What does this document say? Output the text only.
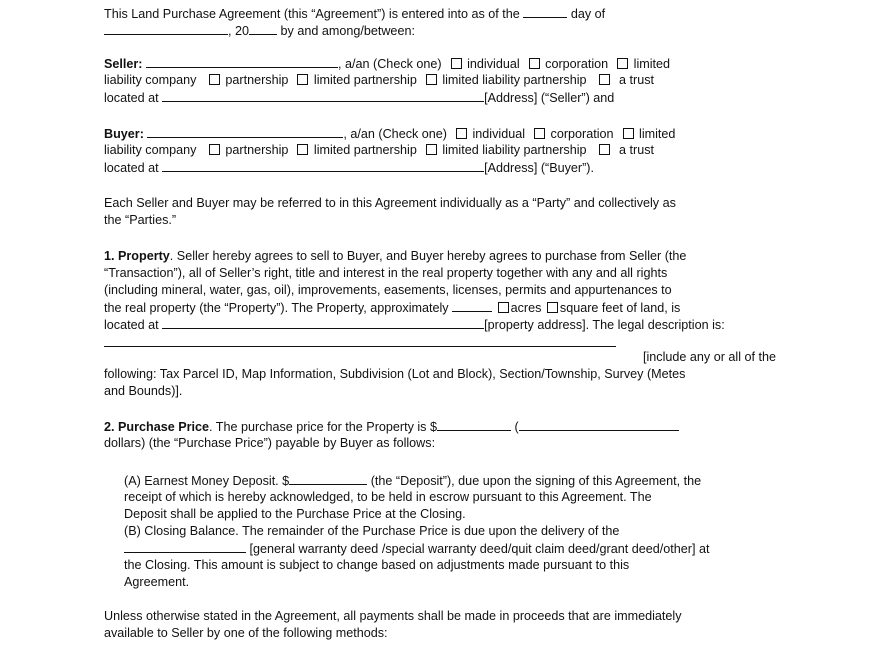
This Land Purchase Agreement (this “Agreement”) is entered into as of the	day of
, 20	by and among/between:
Seller:	, a/an (Check one) individual corporation limited
liability company partnership limited partnership limited liability partnership	a trust
located at	[Address] (“Seller”) and
Buyer:	, a/an (Check one) individual corporation limited
liability company partnership limited partnership limited liability partnership	a trust
located at	[Address] (“Buyer”).
Each Seller and Buyer may be referred to in this Agreement individually as a “Party” and collectively as
the “Parties.”
1. Property. Seller hereby agrees to sell to Buyer, and Buyer hereby agrees to purchase from Seller (the
“Transaction”), all of Seller’s right, title and interest in the real property together with any and all rights
(including mineral, water, gas, oil), improvements, easements, licenses, permits and appurtenances to
the real property (the “Property”). The Property, approximately	acres square feet of land, is
located at	[property address]. The legal description is:
[include any or all of the
following: Tax Parcel ID, Map Information, Subdivision (Lot and Block), Section/Township, Survey (Metes
and Bounds)].
2. Purchase Price. The purchase price for the Property is $	(
dollars) (the “Purchase Price”) payable by Buyer as follows:
(A) Earnest Money Deposit. $	(the “Deposit”), due upon the signing of this Agreement, the
receipt of which is hereby acknowledged, to be held in escrow pursuant to this Agreement. The
Deposit shall be applied to the Purchase Price at the Closing.
(B) Closing Balance. The remainder of the Purchase Price is due upon the delivery of the
[general warranty deed /special warranty deed/quit claim deed/grant deed/other] at
the Closing. This amount is subject to change based on adjustments made pursuant to this
Agreement.
Unless otherwise stated in the Agreement, all payments shall be made in proceeds that are immediately
available to Seller by one of the following methods:
